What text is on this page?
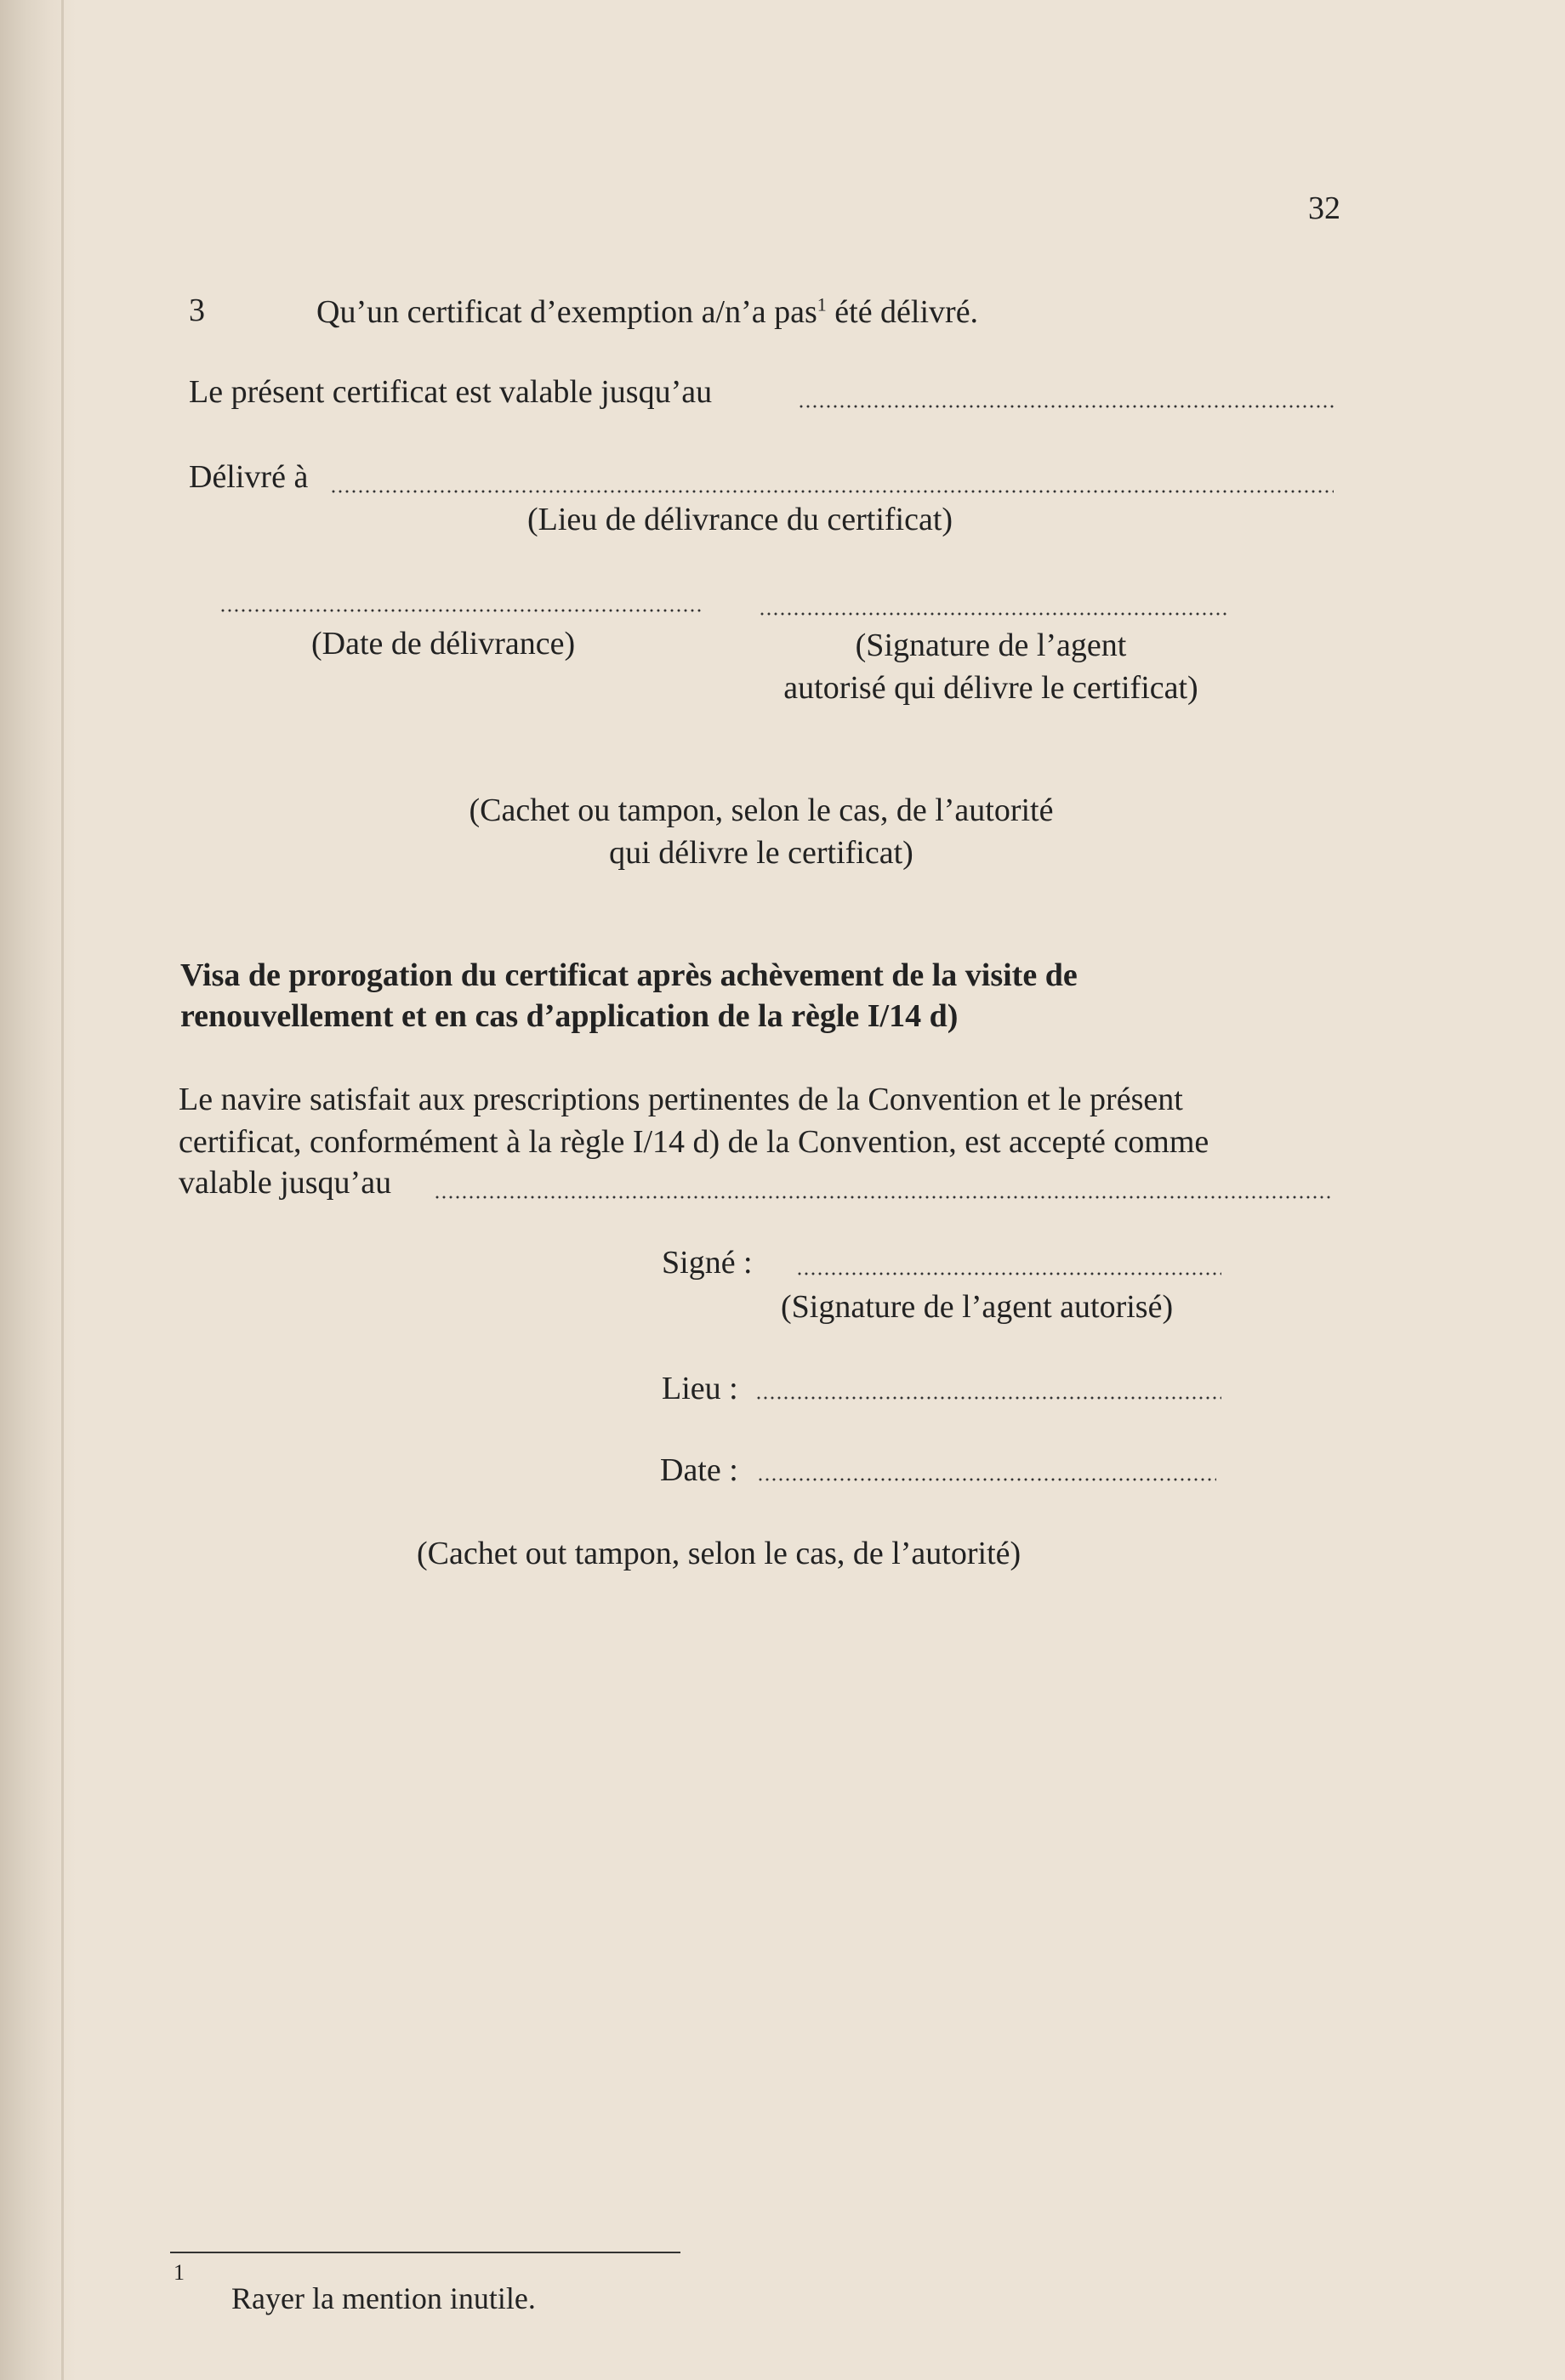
32
3	Qu’un certificat d’exemption a/n’a pas$^1$ été délivré.
Le présent certificat est valable jusqu’au
Délivré à
(Lieu de délivrance du certificat)
(Date de délivrance)	(Signature de l’agent
autorisé qui délivre le certificat)
(Cachet ou tampon, selon le cas, de l’autorité
qui délivre le certificat)
Visa de prorogation du certificat après achèvement de la visite de
renouvellement et en cas d’application de la règle I/14 d)
Le navire satisfait aux prescriptions pertinentes de la Convention et le présent
certificat, conformément à la règle I/14 d) de la Convention, est accepté comme
valable jusqu’au
Signé :
(Signature de l’agent autorisé)
Lieu :
Date :
(Cachet out tampon, selon le cas, de l’autorité)
1
Rayer la mention inutile.
